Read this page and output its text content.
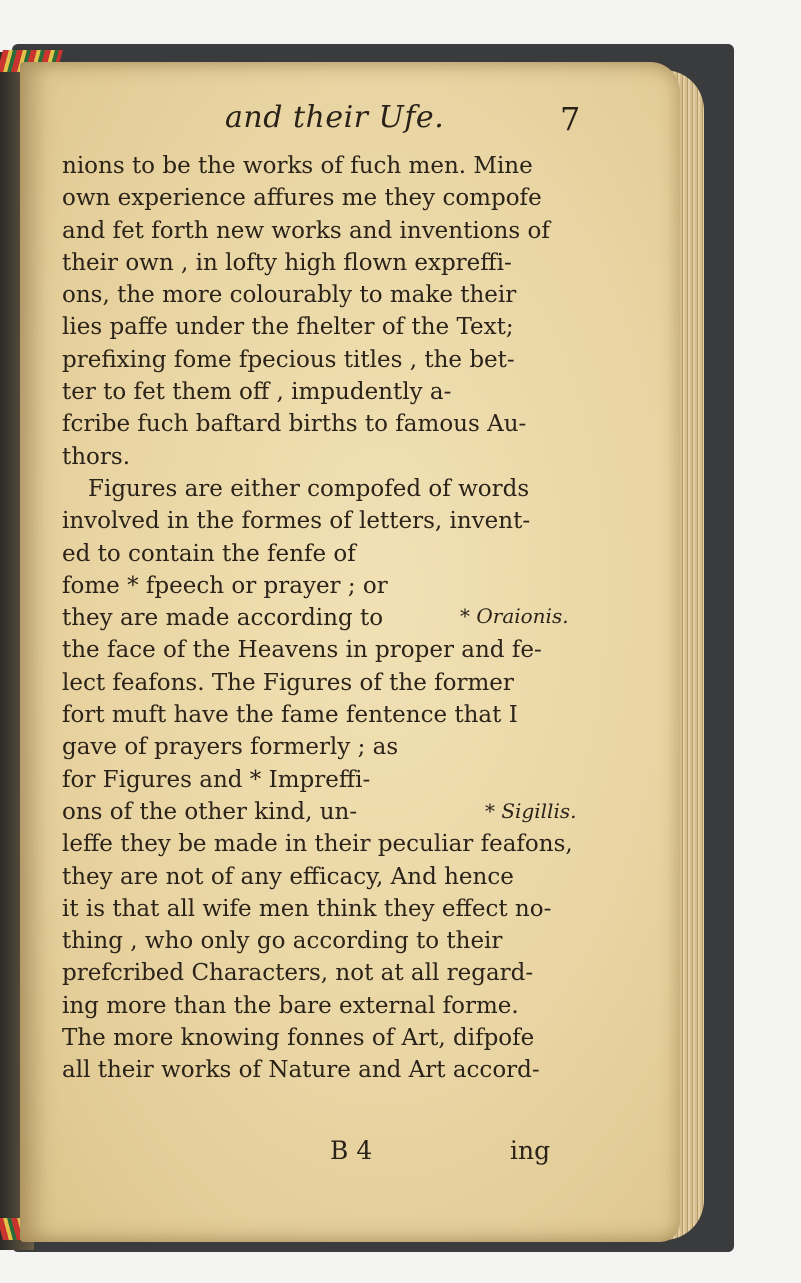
and their Ufe.	7
nions to be the works of fuch men. Mine
own experience affures me they compofe
and fet forth new works and inventions of
their own , in lofty high flown expreffi-
ons, the more colourably to make their
lies paffe under the fhelter of the Text;
prefixing fome fpecious titles , the bet-
ter to fet them off , impudently a-
fcribe fuch baftard births to famous Au-
thors.
Figures are either compofed of words
involved in the formes of letters, invent-
ed to contain the fenfe of
fome * fpeech or prayer ; or
they are made according to
the face of the Heavens in proper and fe-
lect feafons. The Figures of the former
fort muft have the fame fentence that I
gave of prayers formerly ; as
for Figures and * Impreffi-
ons of the other kind, un-
leffe they be made in their peculiar feafons,
they are not of any efficacy, And hence
it is that all wife men think they effect no-
thing , who only go according to their
prefcribed Characters, not at all regard-
ing more than the bare external forme.
The more knowing fonnes of Art, difpofe
all their works of Nature and Art accord-
* Oraionis.
* Sigillis.
B 4	ing
